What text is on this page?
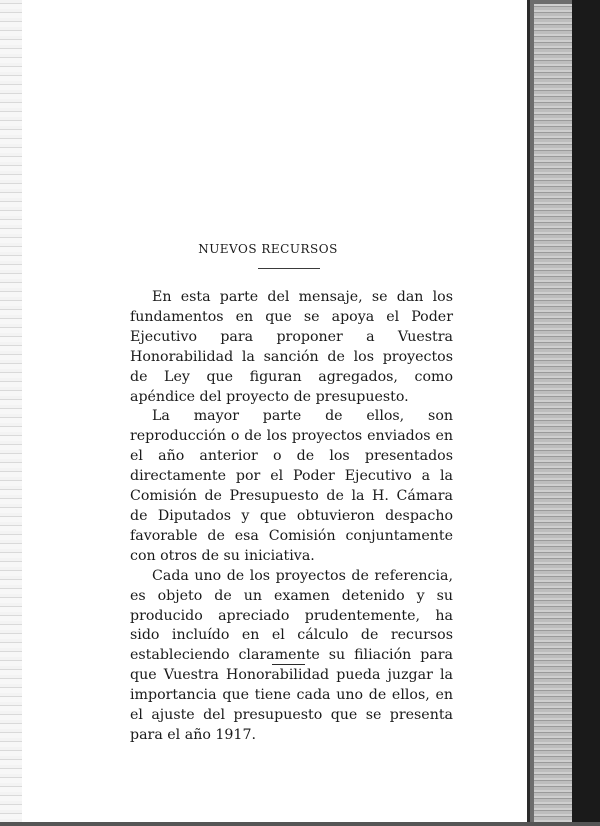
NUEVOS RECURSOS

En esta parte del mensaje, se dan los fundamentos en que se apoya el Poder Ejecutivo para proponer a Vuestra Honorabilidad la sanción de los proyectos de Ley que figuran agregados, como apéndice del proyecto de presupuesto.

La mayor parte de ellos, son reproducción o de los proyectos enviados en el año anterior o de los presentados directamente por el Poder Ejecutivo a la Comisión de Presupuesto de la H. Cámara de Diputados y que obtuvieron despacho favorable de esa Comisión conjuntamente con otros de su iniciativa.

Cada uno de los proyectos de referencia, es objeto de un examen detenido y su producido apreciado prudentemente, ha sido incluído en el cálculo de recursos estableciendo claramente su filiación para que Vuestra Honorabilidad pueda juzgar la importancia que tiene cada uno de ellos, en el ajuste del presupuesto que se presenta para el año 1917.
